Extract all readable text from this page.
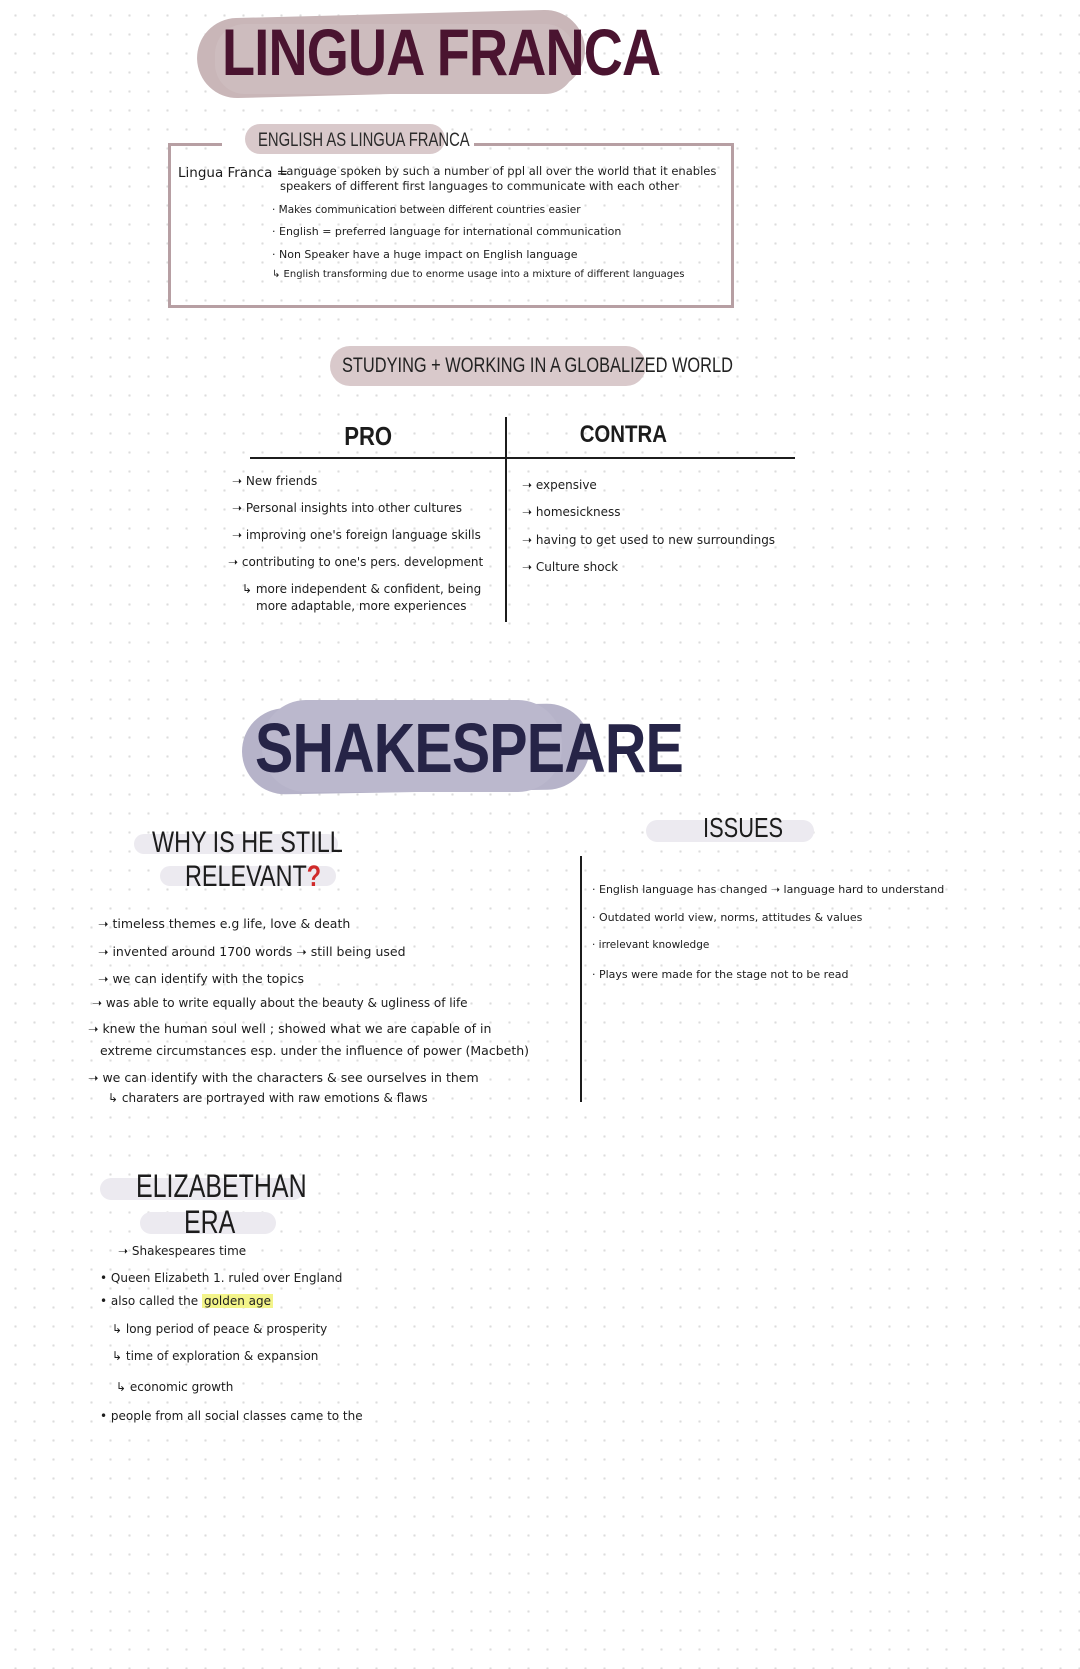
LINGUA FRANCA
ENGLISH AS LINGUA FRANCA
Lingua Franca =
Language spoken by such a number of ppl all over the world that it enables
speakers of different first languages to communicate with each other
· Makes communication between different countries easier
· English = preferred language for international communication
· Non Speaker have a huge impact on English language
↳ English transforming due to enorme usage into a mixture of different languages
STUDYING + WORKING IN A GLOBALIZED WORLD
PRO	CONTRA
➝ New friends
➝ Personal insights into other cultures
➝ improving one's foreign language skills
➝ contributing to one's pers. development
↳ more independent & confident, being
more adaptable, more experiences
➝ expensive
➝ homesickness
➝ having to get used to new surroundings
➝ Culture shock
SHAKESPEARE
WHY IS HE STILL
RELEVANT?
➝ timeless themes e.g life, love & death
➝ invented around 1700 words ➝ still being used
➝ we can identify with the topics
➝ was able to write equally about the beauty & ugliness of life
➝ knew the human soul well ; showed what we are capable of in
extreme circumstances esp. under the influence of power (Macbeth)
➝ we can identify with the characters & see ourselves in them
↳ charaters are portrayed with raw emotions & flaws
ISSUES
· English language has changed ➝ language hard to understand
· Outdated world view, norms, attitudes & values
· irrelevant knowledge
· Plays were made for the stage not to be read
ELIZABETHAN
ERA
➝ Shakespeares time
• Queen Elizabeth 1. ruled over England
• also called the golden age
↳ long period of peace & prosperity
↳ time of exploration & expansion
↳ economic growth
• people from all social classes came to the
